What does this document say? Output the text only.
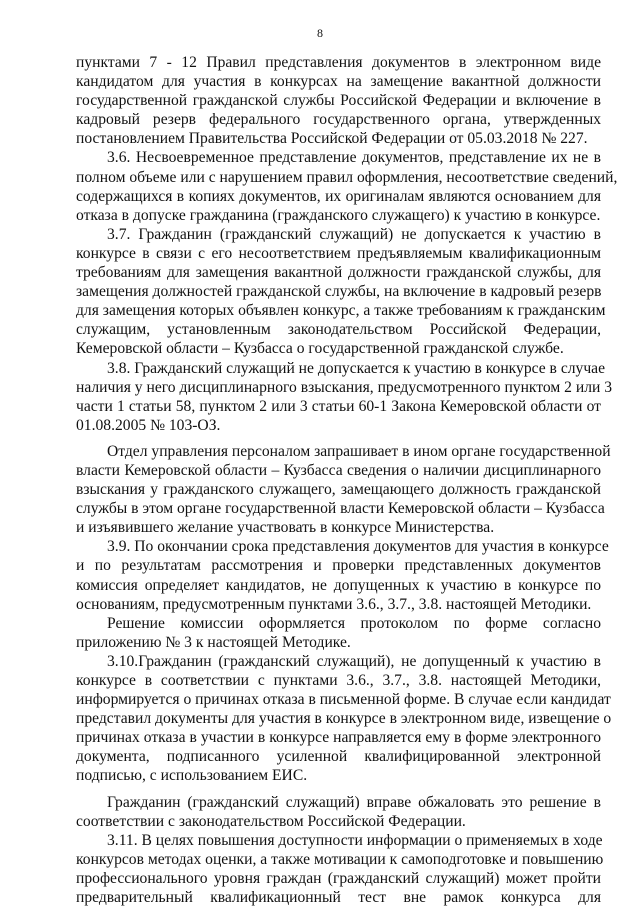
8
пунктами 7 - 12 Правил представления документов в электронном виде
кандидатом для участия в конкурсах на замещение вакантной должности
государственной гражданской службы Российской Федерации и включение в
кадровый резерв федерального государственного органа, утвержденных
постановлением Правительства Российской Федерации от 05.03.2018 № 227.
3.6. Несвоевременное представление документов, представление их не в
полном объеме или с нарушением правил оформления, несоответствие сведений,
содержащихся в копиях документов, их оригиналам являются основанием для
отказа в допуске гражданина (гражданского служащего) к участию в конкурсе.
3.7. Гражданин (гражданский служащий) не допускается к участию в
конкурсе в связи с его несоответствием предъявляемым квалификационным
требованиям для замещения вакантной должности гражданской службы, для
замещения должностей гражданской службы, на включение в кадровый резерв
для замещения которых объявлен конкурс, а также требованиям к гражданским
служащим, установленным законодательством Российской Федерации,
Кемеровской области – Кузбасса о государственной гражданской службе.
3.8. Гражданский служащий не допускается к участию в конкурсе в случае
наличия у него дисциплинарного взыскания, предусмотренного пунктом 2 или 3
части 1 статьи 58, пунктом 2 или 3 статьи 60-1 Закона Кемеровской области от
01.08.2005 № 103-ОЗ.
Отдел управления персоналом запрашивает в ином органе государственной
власти Кемеровской области – Кузбасса сведения о наличии дисциплинарного
взыскания у гражданского служащего, замещающего должность гражданской
службы в этом органе государственной власти Кемеровской области – Кузбасса
и изъявившего желание участвовать в конкурсе Министерства.
3.9. По окончании срока представления документов для участия в конкурсе
и по результатам рассмотрения и проверки представленных документов
комиссия определяет кандидатов, не допущенных к участию в конкурсе по
основаниям, предусмотренным пунктами 3.6., 3.7., 3.8. настоящей Методики.
Решение комиссии оформляется протоколом по форме согласно
приложению № 3 к настоящей Методике.
3.10.Гражданин (гражданский служащий), не допущенный к участию в
конкурсе в соответствии с пунктами 3.6., 3.7., 3.8. настоящей Методики,
информируется о причинах отказа в письменной форме. В случае если кандидат
представил документы для участия в конкурсе в электронном виде, извещение о
причинах отказа в участии в конкурсе направляется ему в форме электронного
документа, подписанного усиленной квалифицированной электронной
подписью, с использованием ЕИС.
Гражданин (гражданский служащий) вправе обжаловать это решение в
соответствии с законодательством Российской Федерации.
3.11. В целях повышения доступности информации о применяемых в ходе
конкурсов методах оценки, а также мотивации к самоподготовке и повышению
профессионального уровня граждан (гражданский служащий) может пройти
предварительный квалификационный тест вне рамок конкурса для
